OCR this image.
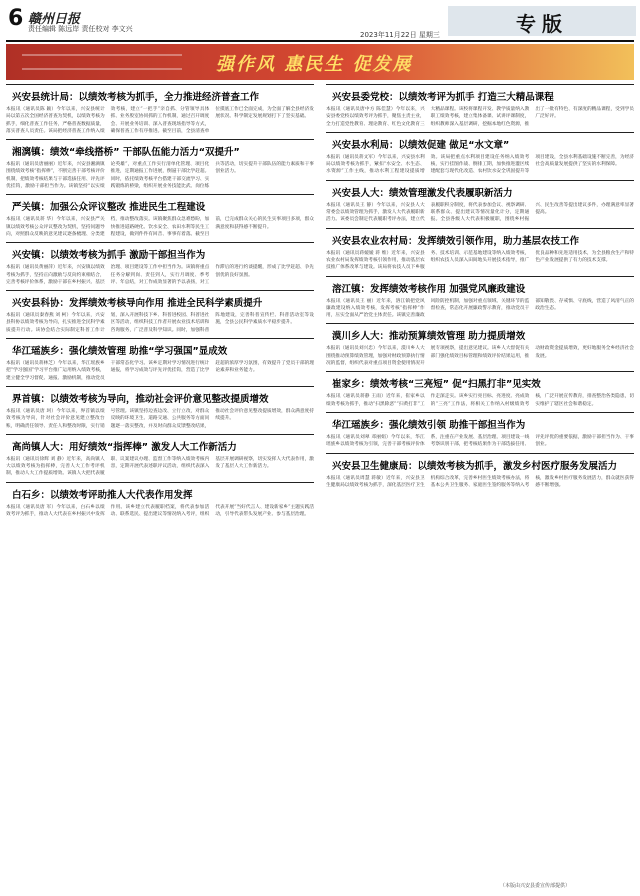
6 赣州日报
责任编辑 陈远岸 责任校对 李文兴
2023年11月22日 星期三	专版
强作风 惠民生 促发展
兴安县统计局：以绩效考核为抓手，全力推进经济普查工作
本报讯（通讯员陈 颖）今年以来，兴安县统计局以第五次全国经济普查为契机，以绩效考核为抓手，细化普查工作任务，严格普查数据质量，落实普查人员责任。该局把经济普查工作纳入绩效考核，建立“一把手”亲自抓、分管领导具体抓、业务股室协同抓的工作机制，通过召开调度会、开展业务培训、深入普查现场指导等方式，确保普查工作有序推进。截至目前，全县清查单位摸底工作已全面完成，为全面了解全县经济发展状况、科学制定发展规划打下了坚实基础。
湘漓镇：绩效“牵线搭桥” 干部队伍能力活力“双提升”
本报讯（通讯员唐丽丽）近年来，兴安县湘漓镇围绕绩效考核“指挥棒”，不断完善干部考核评价机制，把绩效考核结果与干部选拔任用、评先评优挂钩，激励干部担当作为。该镇坚持“以实绩论英雄”，对重点工作实行清单化管理、项目化推进，定期通报工作进展，倒逼干部比学赶超。同时，依托绩效考核平台搭建干部交流学习、实践锻炼的桥梁，组织开展业务技能比武、岗位练兵等活动，切实提升干部队伍的能力素质和干事创业活力。
严关镇：加强公众评议整改 推进民生工程建设
本报讯（通讯员蒋 华）今年以来，兴安县严关镇以绩效考核公众评议整改为契机，坚持问题导向，对照群众反映的意见建议逐条梳理、分类建档，推动整改落实。该镇聚焦群众急难愁盼，加快推进道路硬化、饮水安全、农田水利等民生工程建设，做到件件有回音、事事有着落。截至目前，已完成群众关心的民生实事项目多项，群众满意度和获得感不断提升。
兴安镇：以绩效考核为抓手 激励干部担当作为
本报讯（通讯员黄丽萍）近年来，兴安镇以绩效考核为抓手，坚持正向激励与反向约束相结合，完善考核评价体系，激励干部在乡村振兴、基层治理、项目建设等工作中担当作为。该镇将重点任务分解到岗、责任到人，实行月调度、季考评、年总结，对工作成效显著的予以表扬，对工作滞后的进行约谈提醒，形成了比学赶超、争先创优的良好氛围。
兴安县科协：发挥绩效考核导向作用 推进全民科学素质提升
本报讯（通讯员秦春燕 刘 柯）今年以来，兴安县科协以绩效考核为导向，扎实推进全民科学素质提升行动。该协会结合实际制定科普工作计划，深入开展科技下乡、科普进校园、科普进社区等活动，组织科技工作者开展农业技术培训和咨询服务，广泛普及科学知识。同时，加强科普阵地建设，完善科普宣传栏、科普活动室等设施，全县公民科学素质水平稳步提升。
华江瑶族乡：强化绩效管理 助推“学习强国”显成效
本报讯（通讯员蒋林芝）今年以来，华江瑶族乡把“学习强国”学习平台推广运用纳入绩效考核，建立健全学习督促、通报、激励机制，推动党员干部常态化学习。该乡定期对学习情况进行统计通报，将学习成效与评先评优挂钩，营造了比学赶超的浓厚学习氛围，有效提升了党员干部的理论素养和业务能力。
界首镇：以绩效考核为导向，推动社会评价意见整改提质增效
本报讯（通讯员唐 珂）今年以来，界首镇以绩效考核为导向，针对社会评价意见建立整改台账，明确责任领导、责任人和整改时限，实行销号管理。该镇坚持边查边改、立行立改，对群众反映的环境卫生、道路交通、公共服务等方面问题逐一落实整改，并及时向群众反馈整改结果，推动社会评价意见整改提质增效，群众满意度持续提升。
高尚镇人大：用好绩效“指挥棒” 激发人大工作新活力
本报讯（通讯员徐辉 刘 静）近年来，高尚镇人大以绩效考核为指挥棒，完善人大工作考评机制，推动人大工作提质增效。该镇人大把代表履职、议案建议办理、监督工作等纳入绩效考核内容，定期开展代表述职评议活动，组织代表深入基层开展调研视察，切实发挥人大代表作用，激发了基层人大工作新活力。
白石乡：以绩效考评助推人大代表作用发挥
本报讯（通讯员唐 军）今年以来，白石乡以绩效考评为抓手，推动人大代表在乡村振兴中发挥作用。该乡建立代表履职档案，将代表参加活动、联系选民、提出建议等情况纳入考评，组织代表开展“当好代言人、建设新家乡”主题实践活动，引导代表带头发展产业、参与基层治理。
兴安县委党校：以绩效考评为抓手 打造三大精品课程
本报讯（通讯员唐中方 陈佳慧）今年以来，兴安县委党校以绩效考评为抓手，聚焦主责主业，全力打造党性教育、理论教育、红色文化教育三大精品课程。该校将课程开发、教学质量纳入教职工绩效考核，建立集体备课、试讲评课制度，组织教师深入基层调研，挖掘本地红色资源，推出了一批有特色、有深度的精品课程，受到学员广泛好评。
兴安县水利局：以绩效促建 做足“水文章”
本报讯（通讯员蒋文军）今年以来，兴安县水利局以绩效考核为抓手，紧扣“水安全、水生态、水资源”工作主线，推动水利工程建设提质增效。该局把重点水利项目建设任务纳入绩效考核，实行挂图作战、倒排工期，加快推进灌区续建配套与现代化改造、农村饮水安全巩固提升等项目建设，全县水利基础设施不断完善，为经济社会高质量发展提供了坚实的水利保障。
兴安县人大：绩效管理激发代表履职新活力
本报讯（通讯员王 静）今年以来，兴安县人大常委会以绩效管理为抓手，激发人大代表履职新活力。该委员会制定代表履职考评办法，建立代表履职积分制度，将代表参加会议、视察调研、联系群众、提出建议等情况量化计分，定期通报。全县各级人大代表积极履职，围绕乡村振兴、民生改善等提出建议多件，办理满意率显著提高。
兴安县农业农村局：发挥绩效引领作用，助力基层农技工作
本报讯（通讯员蒋媛媛 蒋 维）近年来，兴安县农业农村局发挥绩效考核引领作用，推动基层农技推广体系改革与建设。该局将农技人员下乡服务、技术培训、示范基地建设等纳入绩效考核，组织农技人员深入田间地头开展技术指导，推广优良品种和先进适用技术，为全县粮食生产和特色产业发展提供了有力的技术支撑。
溶江镇：发挥绩效考核作用 加强党风廉政建设
本报讯（通讯员王 丽）近年来，溶江镇把党风廉政建设纳入绩效考核，发挥考核“指挥棒”作用，压实全面从严治党主体责任。该镇完善廉政风险防控机制，加强对重点领域、关键环节的监督检查，常态化开展廉政警示教育，推动党员干部知敬畏、存戒惧、守底线，营造了风清气正的政治生态。
漠川乡人大：推动预算绩效管理 助力提质增效
本报讯（通讯员刘兴忠）今年以来，漠川乡人大围绕推动预算绩效管理，加强对财政预算执行情况的监督，组织代表对重点项目资金使用情况开展专项视察，提出意见建议。该乡人大督促有关部门强化绩效目标管理和绩效评价结果运用，推动财政资金提质增效，更好地服务全乡经济社会发展。
崔家乡：绩效考核“三亮短” 促“扫黑打非”见实效
本报讯（通讯员蒋静 王雨）近年来，崔家乡以绩效考核为抓手，推动“扫黑除恶”“扫黄打非”工作走深走实。该乡实行亮目标、亮进度、亮成效的“三亮”工作法，将相关工作纳入村级绩效考核，广泛开展宣传教育，排查整治各类隐患，切实维护了辖区社会和谐稳定。
华江瑶族乡：强化绩效引领 助推干部担当作为
本报讯（通讯员刘翠 邓丽娟）今年以来，华江瑶族乡以绩效考核为引领，完善干部考核评价体系，注重在产业发展、基层治理、项目建设一线考察识别干部，把考核结果作为干部选拔任用、评先评优的重要依据，激励干部担当作为、干事创业。
兴安县卫生健康局：以绩效考核为抓手，激发乡村医疗服务发展活力
本报讯（通讯员周慧 蒋敏）近年来，兴安县卫生健康局以绩效考核为抓手，深化基层医疗卫生机构综合改革，完善乡村医生绩效考核办法，将基本公共卫生服务、家庭医生签约服务等纳入考核，激发乡村医疗服务发展活力，群众就医获得感不断增强。
（本版由兴安县委宣传部提供）
